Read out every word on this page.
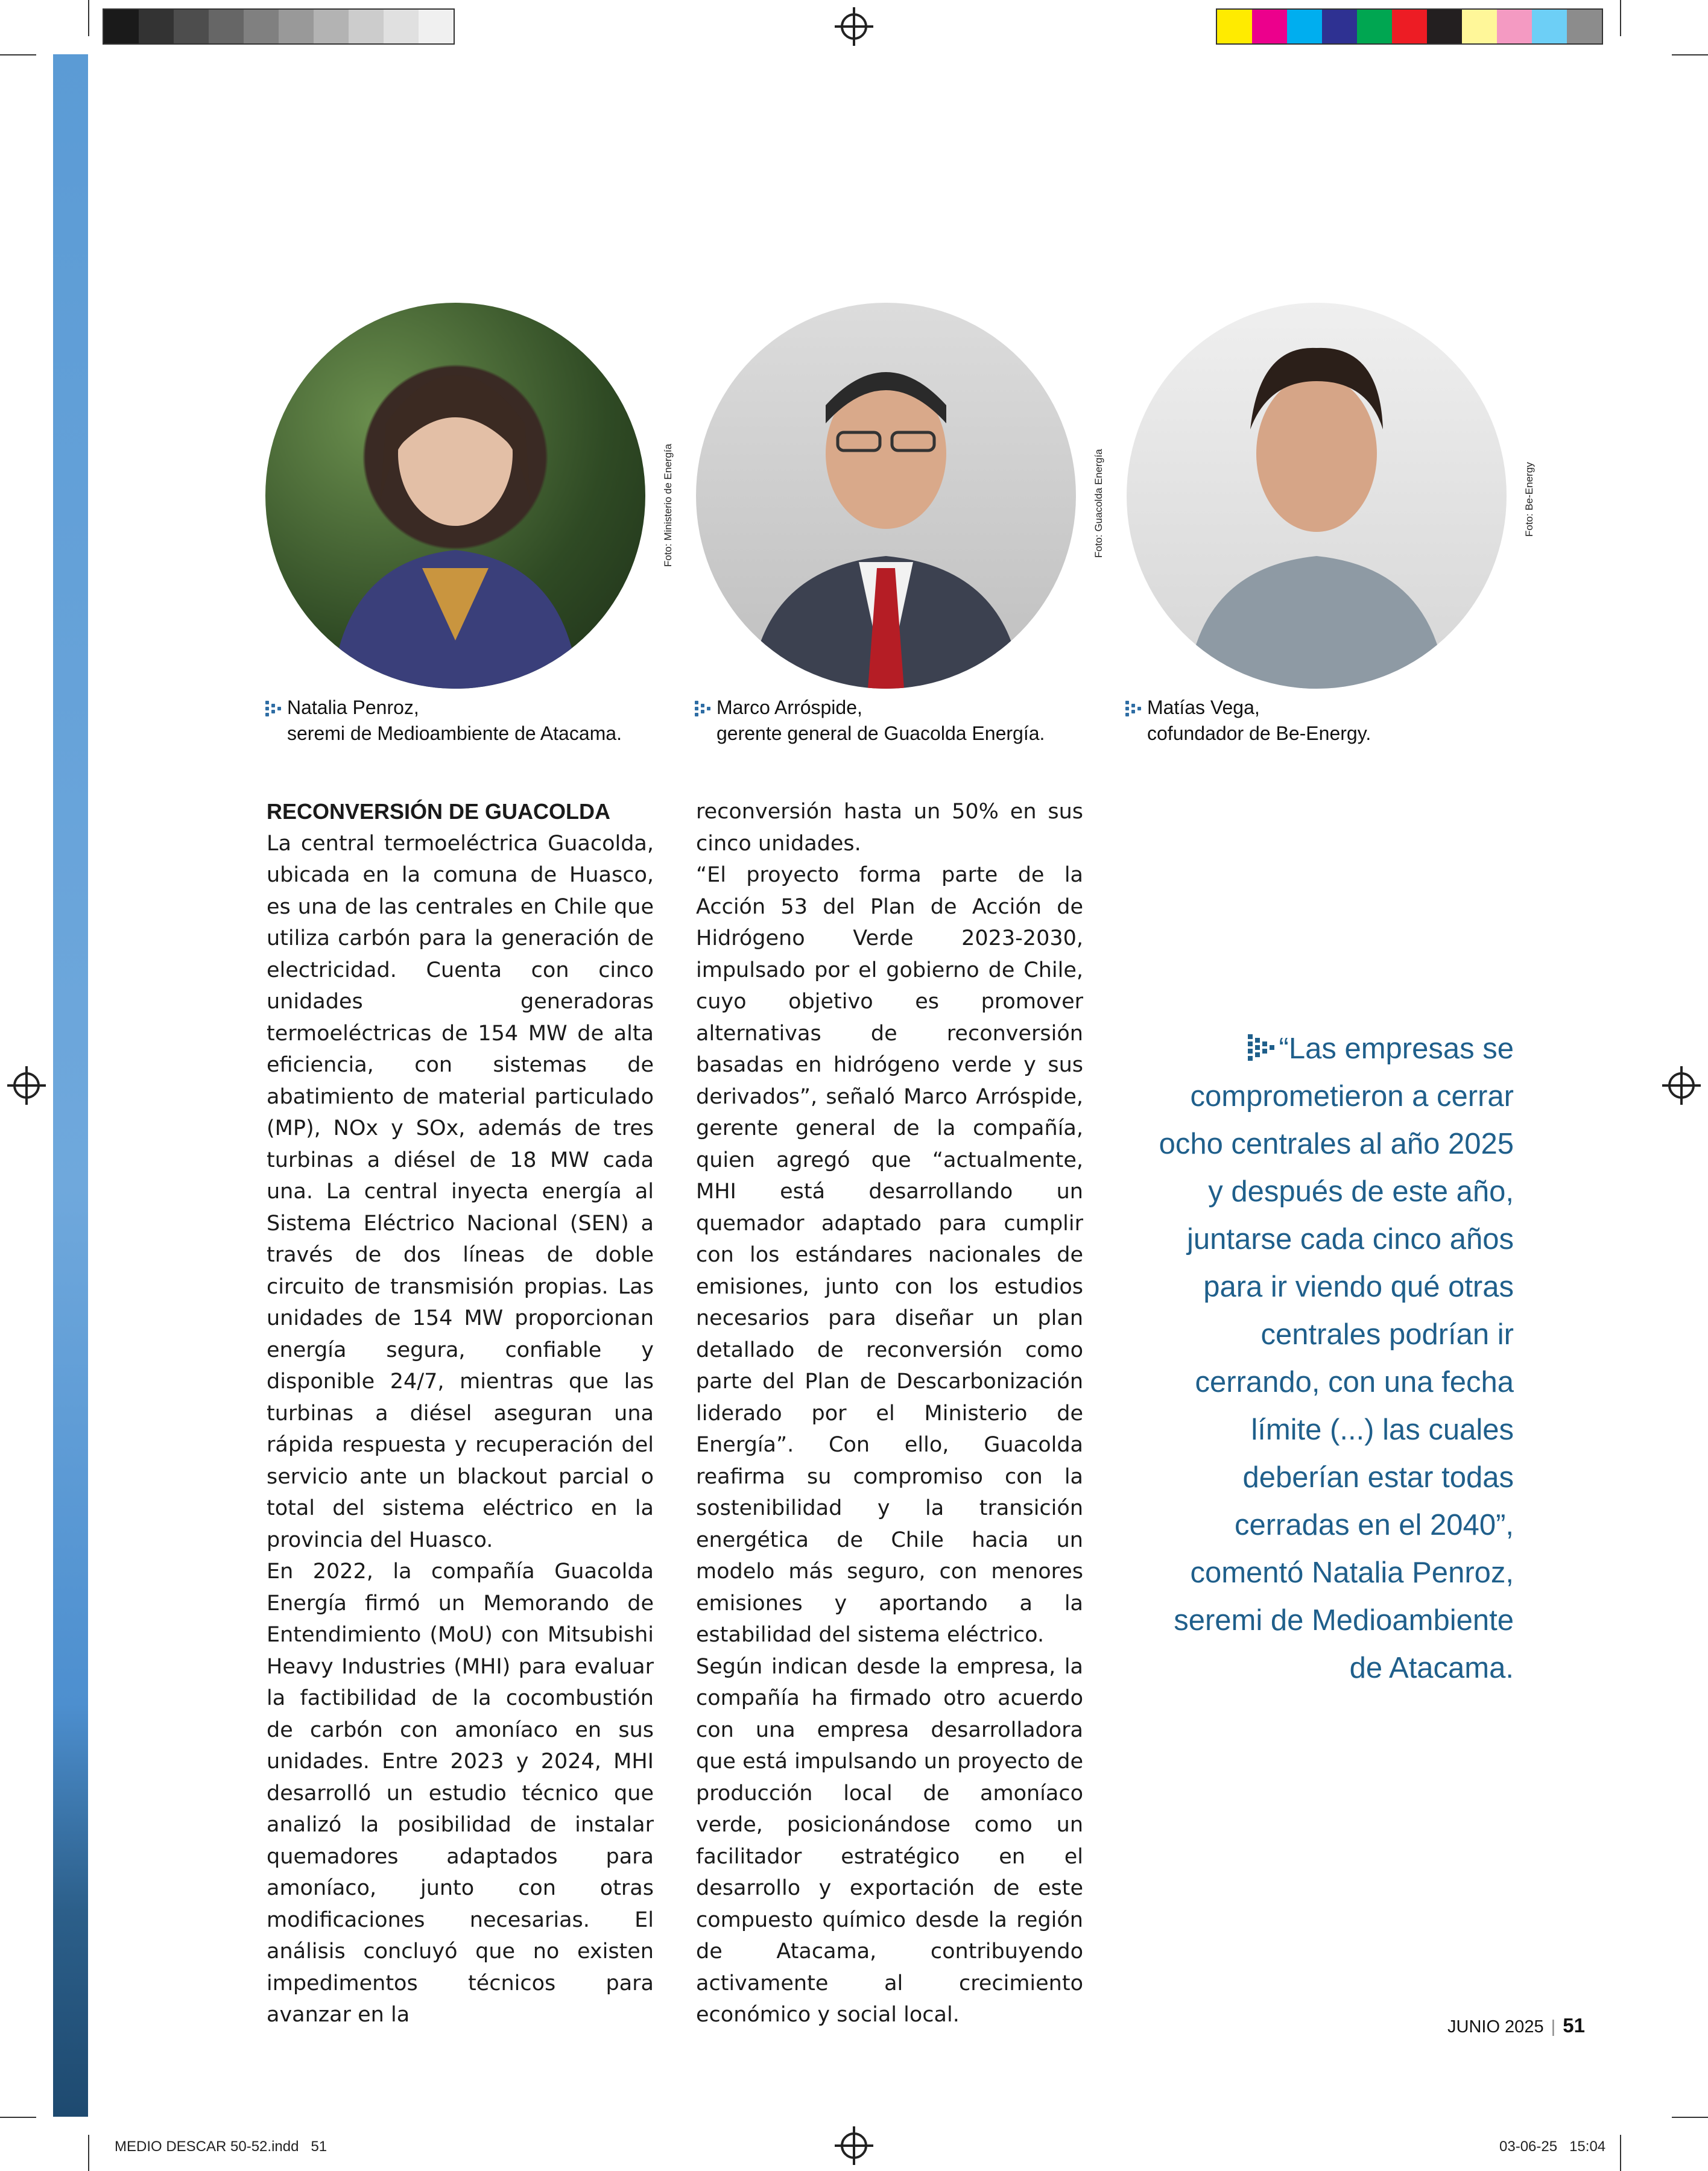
Foto: Ministerio de Energía	Foto: Guacolda Energía	Foto: Be-Energy
Natalia Penroz,
seremi de Medioambiente de Atacama.
Marco Arróspide,
gerente general de Guacolda Energía.
Matías Vega,
cofundador de Be-Energy.

RECONVERSIÓN DE GUACOLDA

La central termoeléctrica Guacolda, ubicada en la comuna de Huasco, es una de las centrales en Chile que utiliza carbón para la generación de electricidad. Cuenta con cinco unidades generadoras termoeléctricas de 154 MW de alta eficiencia, con sistemas de abatimiento de material particulado (MP), NOx y SOx, además de tres turbinas a diésel de 18 MW cada una. La central inyecta energía al Sistema Eléctrico Nacional (SEN) a través de dos líneas de doble circuito de transmisión propias. Las unidades de 154 MW proporcionan energía segura, confiable y disponible 24/7, mientras que las turbinas a diésel aseguran una rápida respuesta y recuperación del servicio ante un blackout parcial o total del sistema eléctrico en la provincia del Huasco.

En 2022, la compañía Guacolda Energía firmó un Memorando de Entendimiento (MoU) con Mitsubishi Heavy Industries (MHI) para evaluar la factibilidad de la cocombustión de carbón con amoníaco en sus unidades. Entre 2023 y 2024, MHI desarrolló un estudio técnico que analizó la posibilidad de instalar quemadores adaptados para amoníaco, junto con otras modificaciones necesarias. El análisis concluyó que no existen impedimentos técnicos para avanzar en la

reconversión hasta un 50% en sus cinco unidades.

“El proyecto forma parte de la Acción 53 del Plan de Acción de Hidrógeno Verde 2023-2030, impulsado por el gobierno de Chile, cuyo objetivo es promover alternativas de reconversión basadas en hidrógeno verde y sus derivados”, señaló Marco Arróspide, gerente general de la compañía, quien agregó que “actualmente, MHI está desarrollando un quemador adaptado para cumplir con los estándares nacionales de emisiones, junto con los estudios necesarios para diseñar un plan detallado de reconversión como parte del Plan de Descarbonización liderado por el Ministerio de Energía”. Con ello, Guacolda reafirma su compromiso con la sostenibilidad y la transición energética de Chile hacia un modelo más seguro, con menores emisiones y aportando a la estabilidad del sistema eléctrico.

Según indican desde la empresa, la compañía ha firmado otro acuerdo con una empresa desarrolladora que está impulsando un proyecto de producción local de amoníaco verde, posicionándose como un facilitador estratégico en el desarrollo y exportación de este compuesto químico desde la región de Atacama, contribuyendo activamente al crecimiento económico y social local.

“Las empresas se comprometieron a cerrar ocho centrales al año 2025 y después de este año, juntarse cada cinco años para ir viendo qué otras centrales podrían ir cerrando, con una fecha límite (...) las cuales deberían estar todas cerradas en el 2040”, comentó Natalia Penroz, seremi de Medioambiente de Atacama.
JUNIO 2025 | 51
MEDIO DESCAR 50-52.indd   51	03-06-25   15:04
